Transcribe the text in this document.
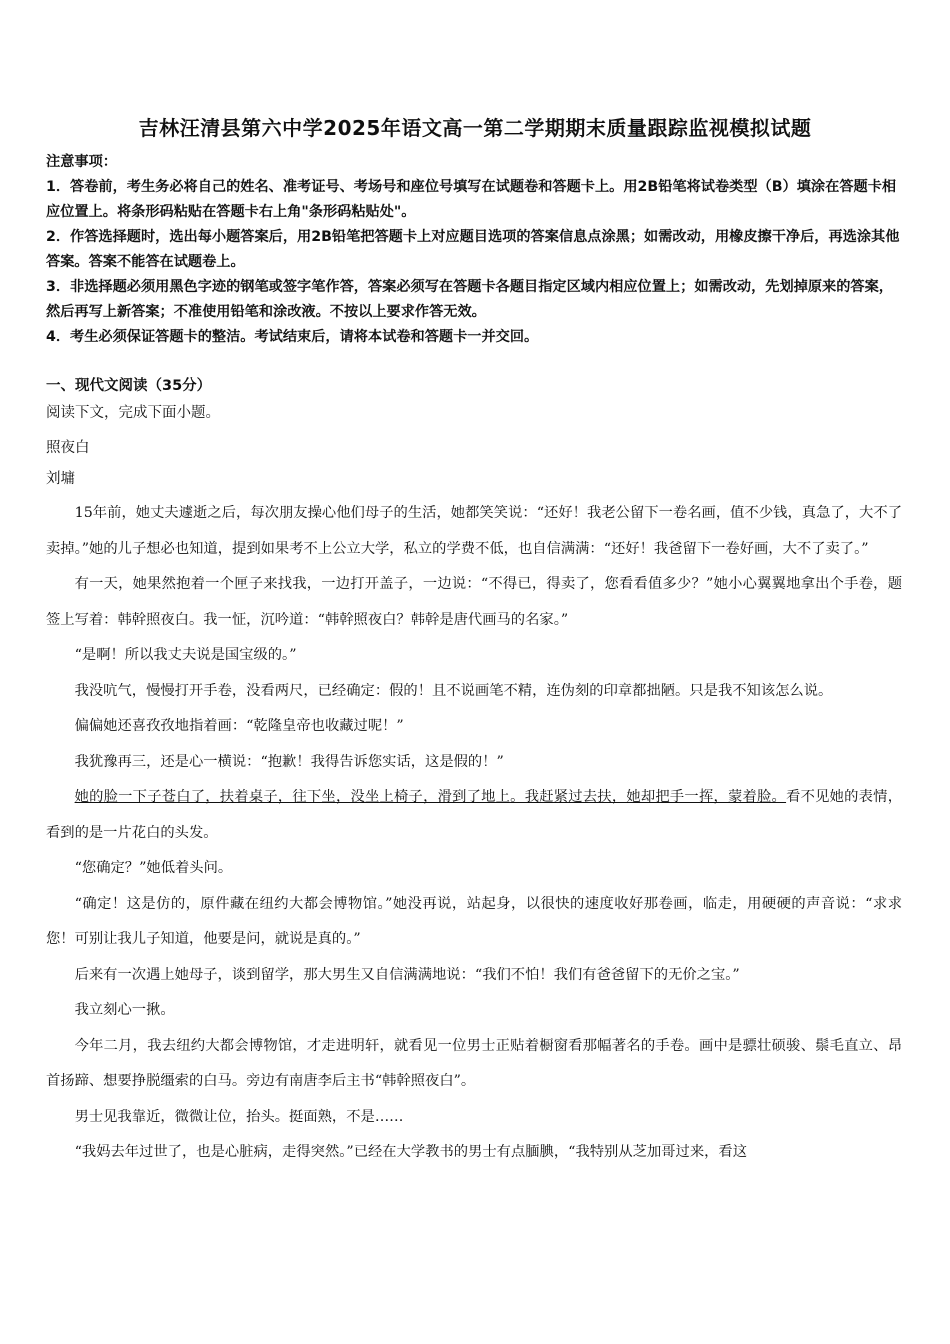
吉林汪清县第六中学2025年语文高一第二学期期末质量跟踪监视模拟试题

注意事项：

1．答卷前，考生务必将自己的姓名、准考证号、考场号和座位号填写在试题卷和答题卡上。用2B铅笔将试卷类型（B）填涂在答题卡相应位置上。将条形码粘贴在答题卡右上角"条形码粘贴处"。

2．作答选择题时，选出每小题答案后，用2B铅笔把答题卡上对应题目选项的答案信息点涂黑；如需改动，用橡皮擦干净后，再选涂其他答案。答案不能答在试题卷上。

3．非选择题必须用黑色字迹的钢笔或签字笔作答，答案必须写在答题卡各题目指定区域内相应位置上；如需改动，先划掉原来的答案，然后再写上新答案；不准使用铅笔和涂改液。不按以上要求作答无效。

4．考生必须保证答题卡的整洁。考试结束后，请将本试卷和答题卡一并交回。

一、现代文阅读（35分）
阅读下文，完成下面小题。
照夜白
刘墉

15年前，她丈夫遽逝之后，每次朋友操心他们母子的生活，她都笑笑说：“还好！我老公留下一卷名画，值不少钱，真急了，大不了卖掉。”她的儿子想必也知道，提到如果考不上公立大学，私立的学费不低，也自信满满：“还好！我爸留下一卷好画，大不了卖了。”

有一天，她果然抱着一个匣子来找我，一边打开盖子，一边说：“不得已，得卖了，您看看值多少？”她小心翼翼地拿出个手卷，题签上写着：韩幹照夜白。我一怔，沉吟道：“韩幹照夜白？韩幹是唐代画马的名家。”

“是啊！所以我丈夫说是国宝级的。”

我没吭气，慢慢打开手卷，没看两尺，已经确定：假的！且不说画笔不精，连伪刻的印章都拙陋。只是我不知该怎么说。

偏偏她还喜孜孜地指着画：“乾隆皇帝也收藏过呢！”

我犹豫再三，还是心一横说：“抱歉！我得告诉您实话，这是假的！”

她的脸一下子苍白了，扶着桌子，往下坐，没坐上椅子，滑到了地上。我赶紧过去扶，她却把手一挥，蒙着脸。看不见她的表情，看到的是一片花白的头发。

“您确定？”她低着头问。

“确定！这是仿的，原件藏在纽约大都会博物馆。”她没再说，站起身，以很快的速度收好那卷画，临走，用硬硬的声音说：“求求您！可别让我儿子知道，他要是问，就说是真的。”

后来有一次遇上她母子，谈到留学，那大男生又自信满满地说：“我们不怕！我们有爸爸留下的无价之宝。”

我立刻心一揪。

今年二月，我去纽约大都会博物馆，才走进明轩，就看见一位男士正贴着橱窗看那幅著名的手卷。画中是骠壮硕骏、鬃毛直立、昂首扬蹄、想要挣脱缰索的白马。旁边有南唐李后主书“韩幹照夜白”。

男士见我靠近，微微让位，抬头。挺面熟，不是……

“我妈去年过世了，也是心脏病，走得突然。”已经在大学教书的男士有点腼腆，“我特别从芝加哥过来，看这
